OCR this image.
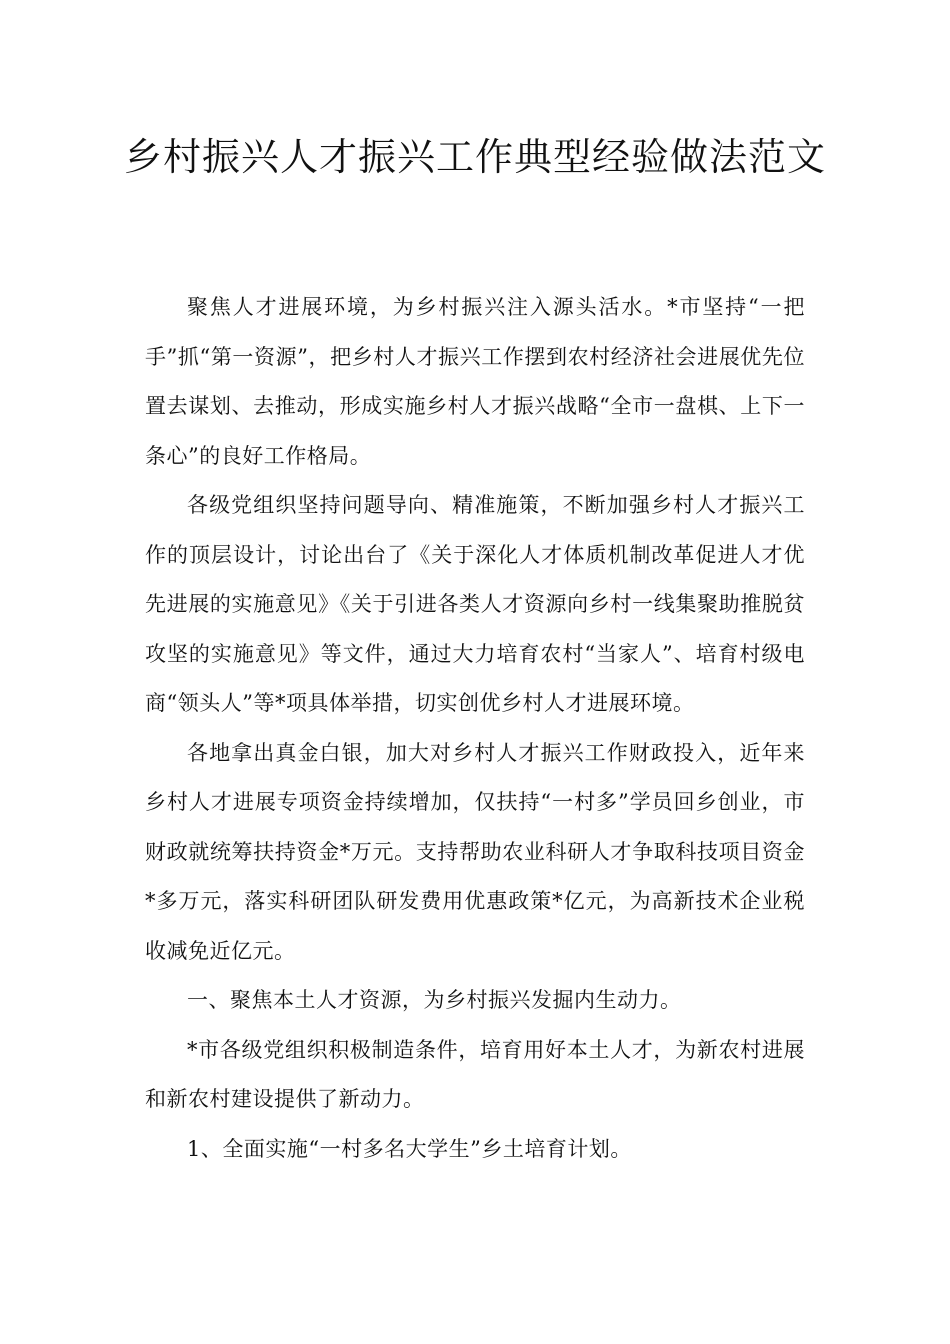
乡村振兴人才振兴工作典型经验做法范文

聚焦人才进展环境，为乡村振兴注入源头活水。*市坚持“一把手”抓“第一资源”，把乡村人才振兴工作摆到农村经济社会进展优先位置去谋划、去推动，形成实施乡村人才振兴战略“全市一盘棋、上下一条心”的良好工作格局。

各级党组织坚持问题导向、精准施策，不断加强乡村人才振兴工作的顶层设计，讨论出台了《关于深化人才体质机制改革促进人才优先进展的实施意见》《关于引进各类人才资源向乡村一线集聚助推脱贫攻坚的实施意见》等文件，通过大力培育农村“当家人”、培育村级电商“领头人”等*项具体举措，切实创优乡村人才进展环境。

各地拿出真金白银，加大对乡村人才振兴工作财政投入，近年来乡村人才进展专项资金持续增加，仅扶持“一村多”学员回乡创业，市财政就统筹扶持资金*万元。支持帮助农业科研人才争取科技项目资金*多万元，落实科研团队研发费用优惠政策*亿元，为高新技术企业税收减免近亿元。

一、聚焦本土人才资源，为乡村振兴发掘内生动力。

*市各级党组织积极制造条件，培育用好本土人才，为新农村进展和新农村建设提供了新动力。

1、全面实施“一村多名大学生”乡土培育计划。
